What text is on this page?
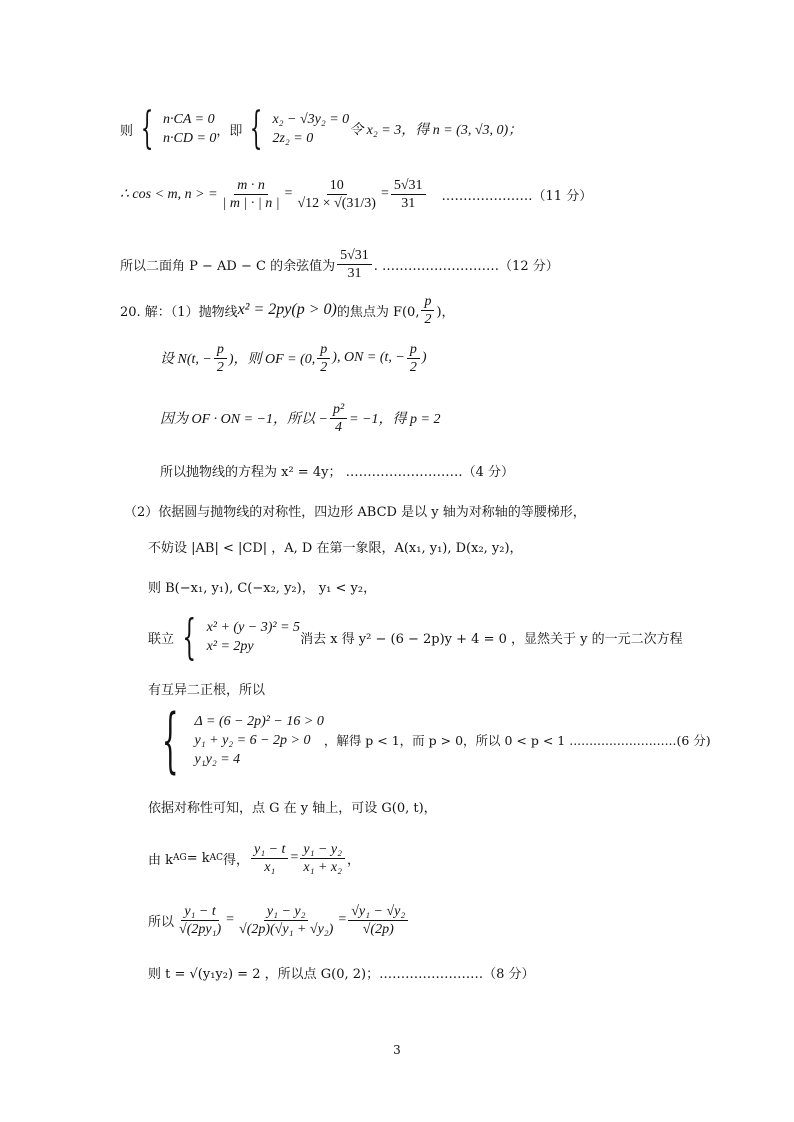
则 { n·CA = 0
n·CD = 0 ，即 { x₂ − √3y₂ = 0
2z₂ = 0
令 x₂ = 3，得 n = (3, √3, 0)；
∴ cos < m, n > = $\frac{m \cdot n}{| m | \cdot | n |} = \frac{10}{√12 \times √(31/3)} = \frac{5√31}{31}$ …………………（11 分）
所以二面角 P − AD − C 的余弦值为 $\frac{5√31}{31}$ . ………………………（12 分）
20. 解：（1）抛物线 x² = 2py(p > 0) 的焦点为 F(0, $\frac{p}{2}$ )，
设 N(t, − $\frac{p}{2}$ )，则 OF = (0, $\frac{p}{2}$ ), ON = (t, − $\frac{p}{2}$ )
因为 OF · ON = −1，所以 − $\frac{\text{p²}}{4} = -1$，得 p = 2
所以抛物线的方程为 x² = 4y； ………………………（4 分）
（2）依据圆与抛物线的对称性，四边形 ABCD 是以 y 轴为对称轴的等腰梯形，
不妨设 |AB| < |CD| ，A, D 在第一象限，A(x₁, y₁), D(x₂, y₂)，
则 B(−x₁, y₁), C(−x₂, y₂)， y₁ < y₂，
联立 { x² + (y − 3)² = 5
x² = 2py	消去 x 得 y² − (6 − 2p)y + 4 = 0 ，显然关于 y 的一元二次方程
有互异二正根，所以
{ Δ = (6 − 2p)² − 16 > 0
y₁ + y₂ = 6 − 2p > 0
y₁y₂ = 4
，解得 p < 1，而 p > 0，所以 0 < p < 1 ...........................(6 分)
依据对称性可知，点 G 在 y 轴上，可设 G(0, t)，
由 k AG = k AC 得， $\frac{\text{y₁ − t}}{\text{x₁}} = \frac{\text{y₁ − y₂}}{\text{x₁ + x₂}}$ ，
所以 $\frac{\text{y₁ − t}}{\text{√(2py₁)}} = \frac{\text{y₁ − y₂}}{\text{√(2p)(√y₁ + √y₂)}} = \frac{\text{√y₁ − √y₂}}{√(2p)}$
则 t = √(y₁y₂) = 2 ，所以点 G(0, 2)；……………………（8 分）
3
